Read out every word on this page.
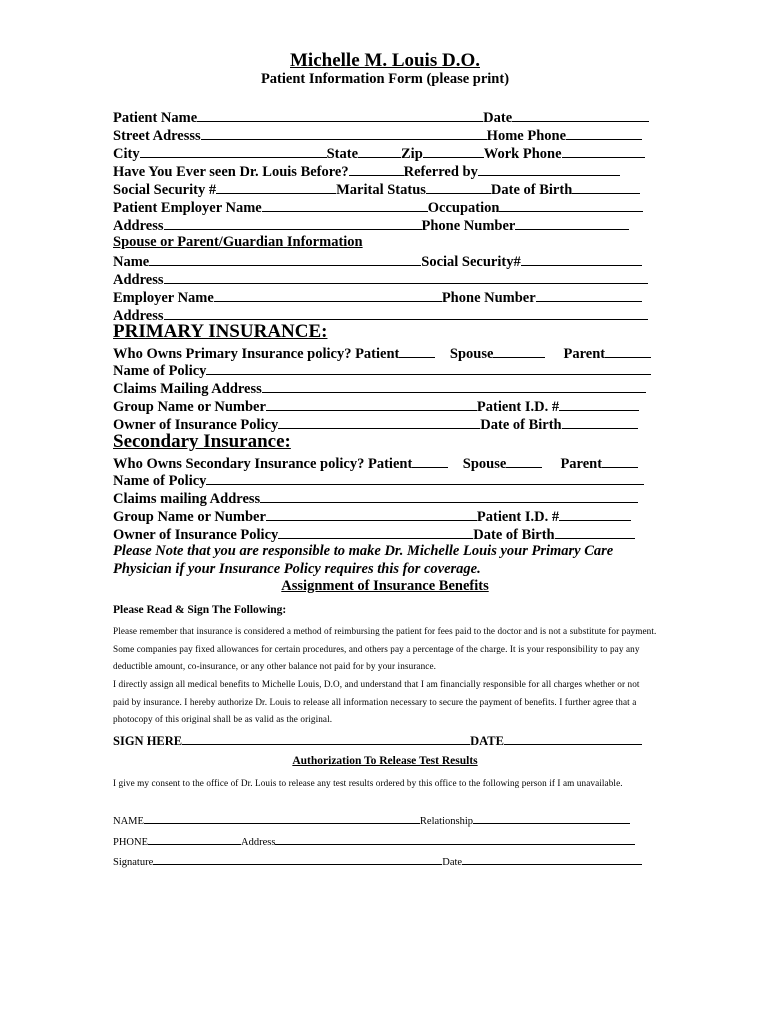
Michelle M. Louis D.O.
Patient Information Form (please print)
Patient Name	Date
Street Adresss	Home Phone
City	State	Zip	Work Phone
Have You Ever seen Dr. Louis Before?	Referred by
Social Security #	Marital Status	Date of Birth
Patient Employer Name	Occupation
Address	Phone Number
Spouse or Parent/Guardian Information
Name	Social Security#
Address
Employer Name	Phone Number
Address
PRIMARY INSURANCE:
Who Owns Primary Insurance policy? Patient	Spouse	Parent
Name of Policy
Claims Mailing Address
Group Name or Number	Patient I.D. #
Owner of Insurance Policy	Date of Birth
Secondary Insurance:
Who Owns Secondary Insurance policy? Patient	Spouse	Parent
Name of Policy
Claims mailing Address
Group Name or Number	Patient I.D. #
Owner of Insurance Policy	Date of Birth
Please Note that you are responsible to make Dr. Michelle Louis your Primary Care Physician if your Insurance Policy requires this for coverage.
Assignment of Insurance Benefits
Please Read & Sign The Following:
Please remember that insurance is considered a method of reimbursing the patient for fees paid to the doctor and is not a substitute for payment. Some companies pay fixed allowances for certain procedures, and others pay a percentage of the charge. It is your responsibility to pay any deductible amount, co-insurance, or any other balance not paid for by your insurance.
I directly assign all medical benefits to Michelle Louis, D.O, and understand that I am financially responsible for all charges whether or not paid by insurance. I hereby authorize Dr. Louis to release all information necessary to secure the payment of benefits. I further agree that a photocopy of this original shall be as valid as the original.
SIGN HERE	DATE
Authorization To Release Test Results
I give my consent to the office of Dr. Louis to release any test results ordered by this office to the following person if I am unavailable.
NAME	Relationship
PHONE	Address
Signature	Date
